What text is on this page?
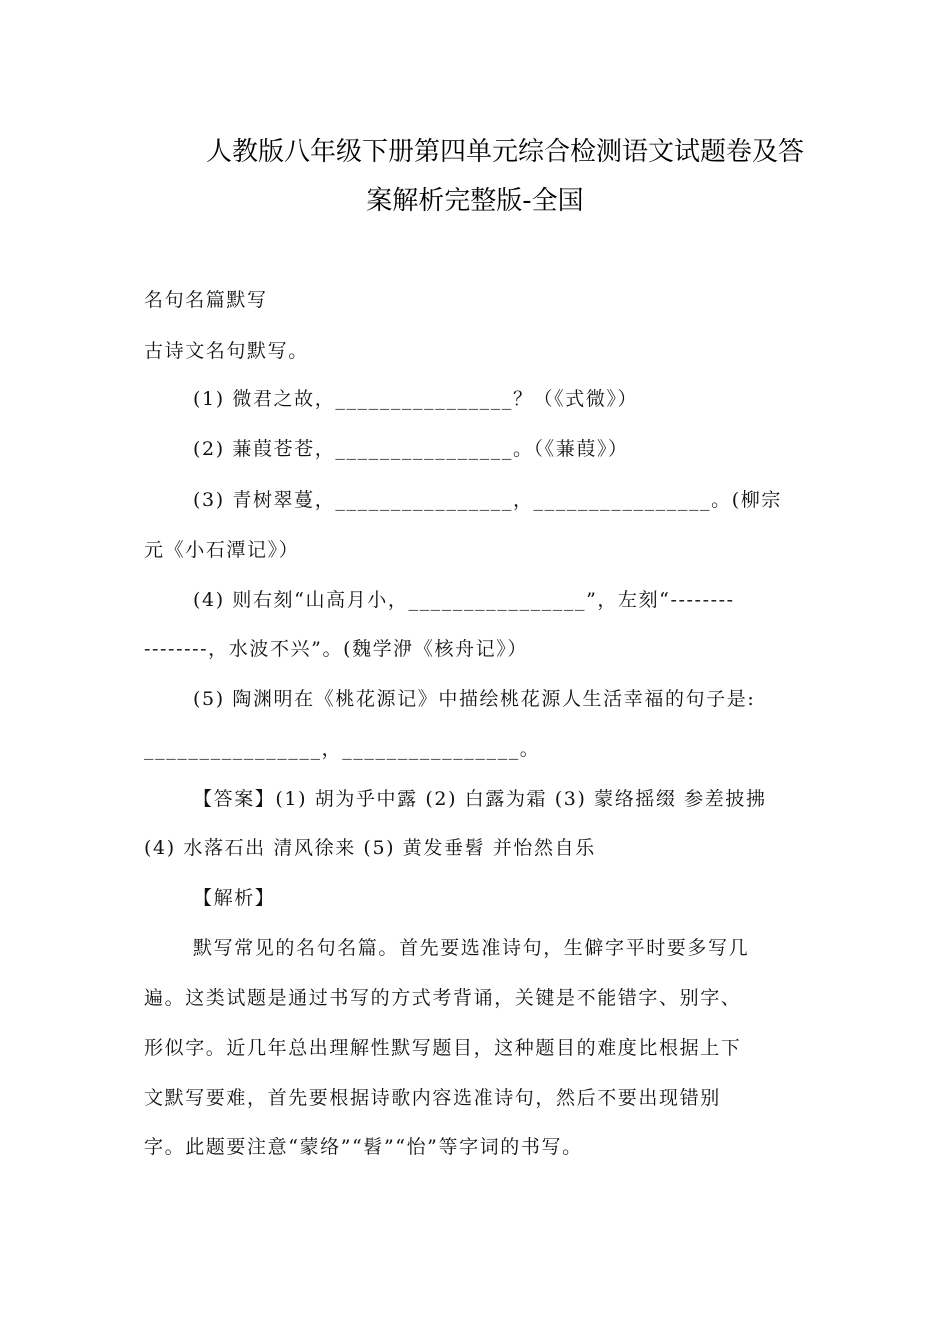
人教版八年级下册第四单元综合检测语文试题卷及答
案解析完整版-全国
名句名篇默写
古诗文名句默写。
(1) 微君之故，________________？（《式微》）
(2) 蒹葭苍苍，________________。（《蒹葭》）
(3) 青树翠蔓，________________，________________。(柳宗
元《小石潭记》）
(4) 则右刻“山高月小，________________”，左刻“--------
--------，水波不兴”。(魏学洢《核舟记》）
(5) 陶渊明在《桃花源记》中描绘桃花源人生活幸福的句子是:
________________，________________。
【答案】(1) 胡为乎中露 (2) 白露为霜 (3) 蒙络摇缀 参差披拂
(4) 水落石出 清风徐来 (5) 黄发垂髫 并怡然自乐
【解析】
默写常见的名句名篇。首先要选准诗句，生僻字平时要多写几
遍。这类试题是通过书写的方式考背诵，关键是不能错字、别字、
形似字。近几年总出理解性默写题目，这种题目的难度比根据上下
文默写要难，首先要根据诗歌内容选准诗句，然后不要出现错别
字。此题要注意“蒙络”“髫”“怡”等字词的书写。
